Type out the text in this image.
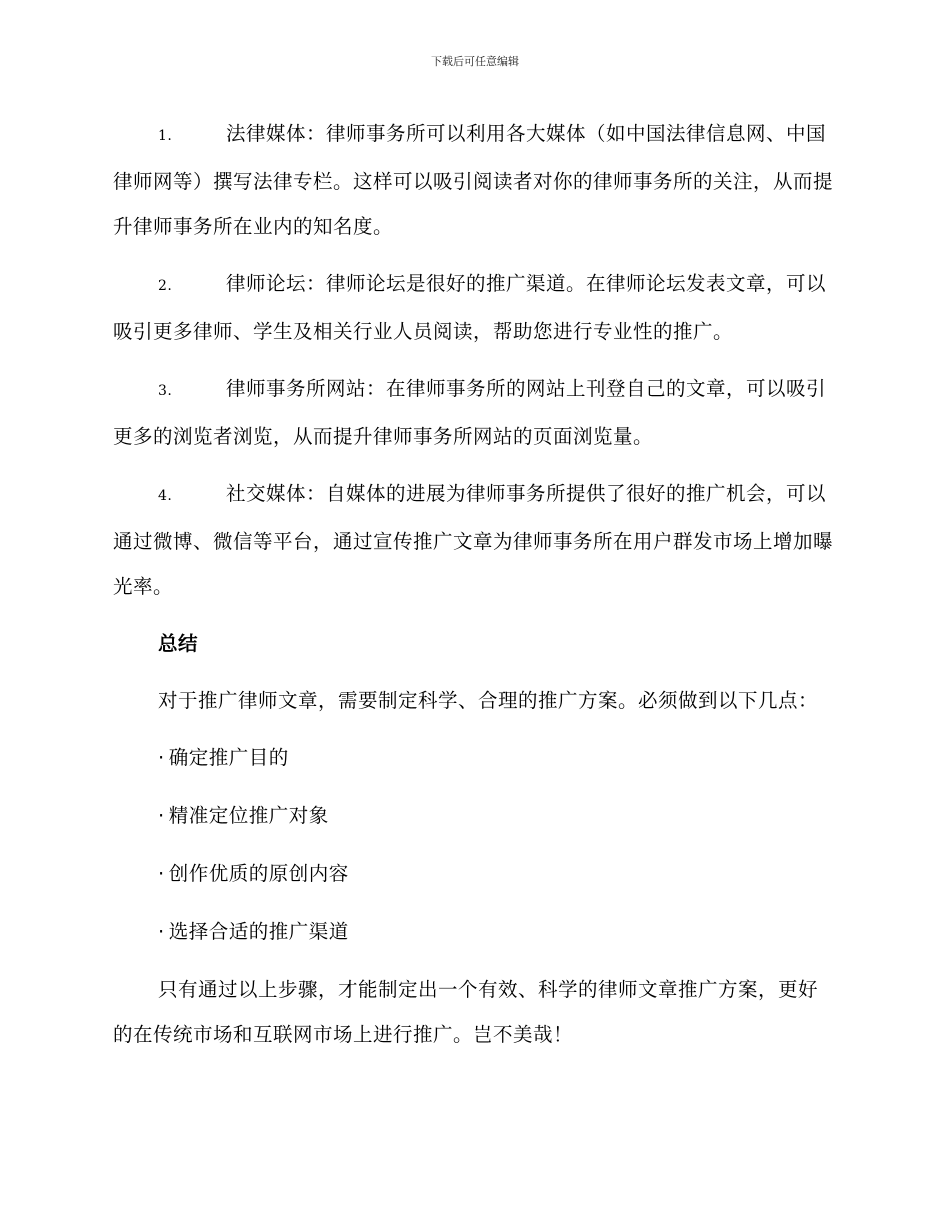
下载后可任意编辑

1.	法律媒体：律师事务所可以利用各大媒体（如中国法律信息网、中国律师网等）撰写法律专栏。这样可以吸引阅读者对你的律师事务所的关注，从而提升律师事务所在业内的知名度。

2.	律师论坛：律师论坛是很好的推广渠道。在律师论坛发表文章，可以吸引更多律师、学生及相关行业人员阅读，帮助您进行专业性的推广。

3.	律师事务所网站：在律师事务所的网站上刊登自己的文章，可以吸引更多的浏览者浏览，从而提升律师事务所网站的页面浏览量。

4.	社交媒体：自媒体的进展为律师事务所提供了很好的推广机会，可以通过微博、微信等平台，通过宣传推广文章为律师事务所在用户群发市场上增加曝光率。

总结

对于推广律师文章，需要制定科学、合理的推广方案。必须做到以下几点：

· 确定推广目的
· 精准定位推广对象
· 创作优质的原创内容
· 选择合适的推广渠道

只有通过以上步骤，才能制定出一个有效、科学的律师文章推广方案，更好的在传统市场和互联网市场上进行推广。岂不美哉！
